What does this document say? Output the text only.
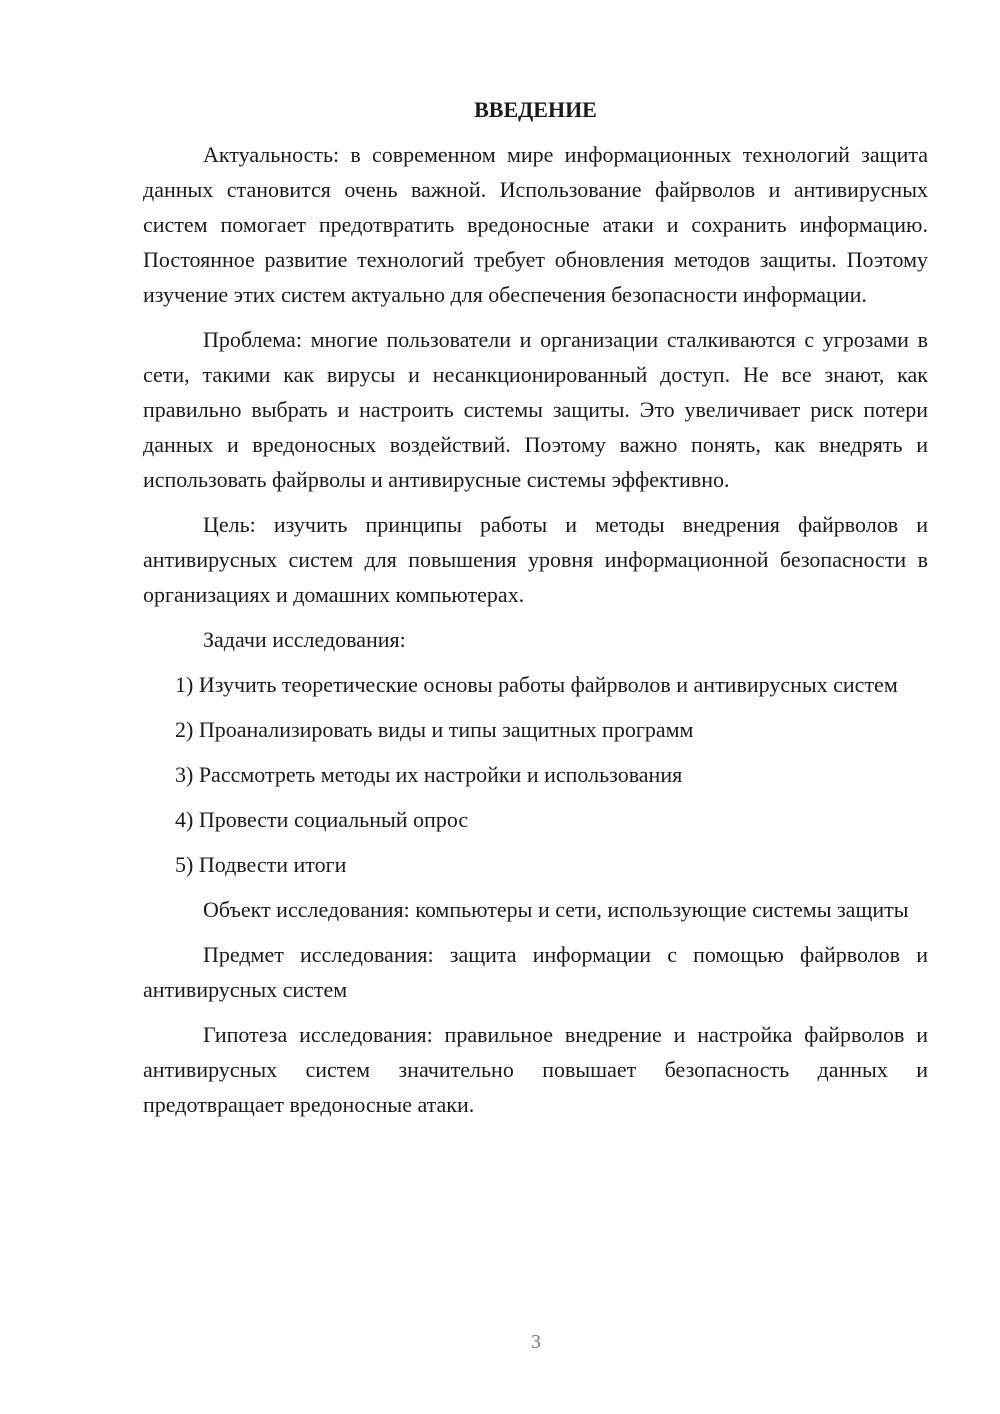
ВВЕДЕНИЕ

Актуальность: в современном мире информационных технологий защита данных становится очень важной. Использование файрволов и антивирусных систем помогает предотвратить вредоносные атаки и сохранить информацию. Постоянное развитие технологий требует обновления методов защиты. Поэтому изучение этих систем актуально для обеспечения безопасности информации.

Проблема: многие пользователи и организации сталкиваются с угрозами в сети, такими как вирусы и несанкционированный доступ. Не все знают, как правильно выбрать и настроить системы защиты. Это увеличивает риск потери данных и вредоносных воздействий. Поэтому важно понять, как внедрять и использовать файрволы и антивирусные системы эффективно.

Цель: изучить принципы работы и методы внедрения файрволов и антивирусных систем для повышения уровня информационной безопасности в организациях и домашних компьютерах.

Задачи исследования:

1) Изучить теоретические основы работы файрволов и антивирусных систем

2) Проанализировать виды и типы защитных программ

3) Рассмотреть методы их настройки и использования

4) Провести социальный опрос

5) Подвести итоги

Объект исследования: компьютеры и сети, использующие системы защиты

Предмет исследования: защита информации с помощью файрволов и антивирусных систем

Гипотеза исследования: правильное внедрение и настройка файрволов и антивирусных систем значительно повышает безопасность данных и предотвращает вредоносные атаки.

3
